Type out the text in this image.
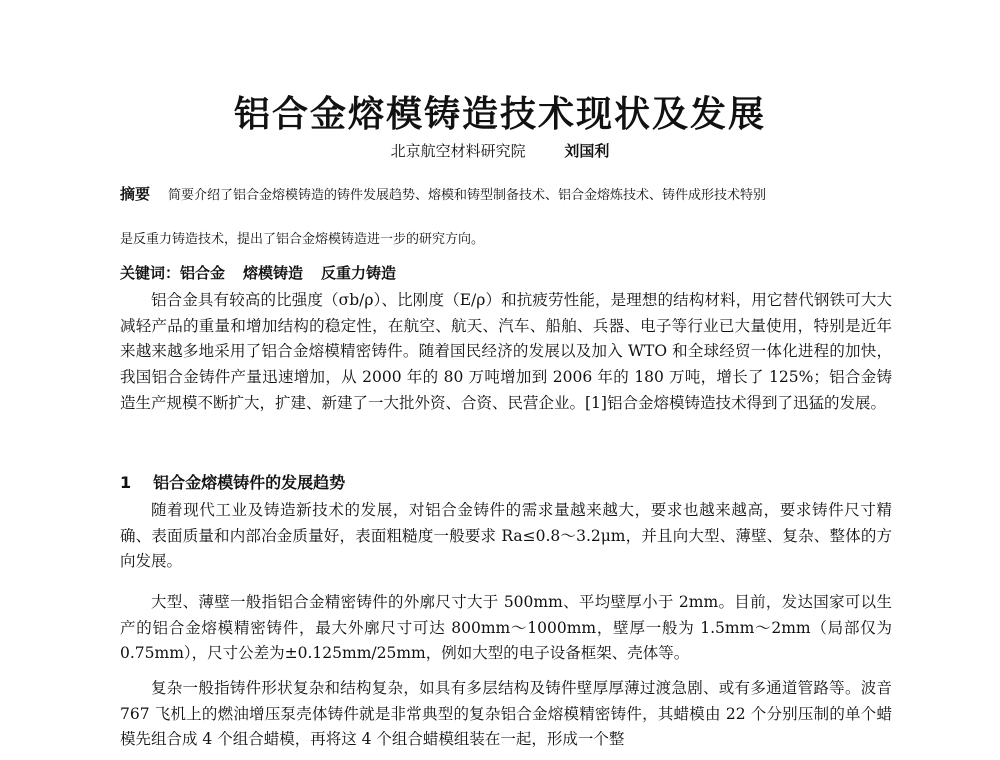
铝合金熔模铸造技术现状及发展
北京航空材料研究院	刘国利
摘要 简要介绍了铝合金熔模铸造的铸件发展趋势、熔模和铸型制备技术、铝合金熔炼技术、铸件成形技术特别
是反重力铸造技术，提出了铝合金熔模铸造进一步的研究方向。
关键词：铝合金 熔模铸造 反重力铸造
铝合金具有较高的比强度（σb/ρ）、比刚度（E/ρ）和抗疲劳性能，是理想的结构材料，用它替代钢铁可大大减轻产品的重量和增加结构的稳定性，在航空、航天、汽车、船舶、兵器、电子等行业已大量使用，特别是近年来越来越多地采用了铝合金熔模精密铸件。随着国民经济的发展以及加入 WTO 和全球经贸一体化进程的加快，我国铝合金铸件产量迅速增加，从 2000 年的 80 万吨增加到 2006 年的 180 万吨，增长了 125%；铝合金铸造生产规模不断扩大，扩建、新建了一大批外资、合资、民营企业。[1]铝合金熔模铸造技术得到了迅猛的发展。
1 铝合金熔模铸件的发展趋势
随着现代工业及铸造新技术的发展，对铝合金铸件的需求量越来越大，要求也越来越高，要求铸件尺寸精确、表面质量和内部冶金质量好，表面粗糙度一般要求 Ra≤0.8～3.2μm，并且向大型、薄壁、复杂、整体的方向发展。
大型、薄壁一般指铝合金精密铸件的外廓尺寸大于 500mm、平均壁厚小于 2mm。目前，发达国家可以生产的铝合金熔模精密铸件，最大外廓尺寸可达 800mm～1000mm，壁厚一般为 1.5mm～2mm（局部仅为 0.75mm），尺寸公差为±0.125mm/25mm，例如大型的电子设备框架、壳体等。
复杂一般指铸件形状复杂和结构复杂，如具有多层结构及铸件壁厚厚薄过渡急剧、或有多通道管路等。波音 767 飞机上的燃油增压泵壳体铸件就是非常典型的复杂铝合金熔模精密铸件，其蜡模由 22 个分别压制的单个蜡模先组合成 4 个组合蜡模，再将这 4 个组合蜡模组装在一起，形成一个整
